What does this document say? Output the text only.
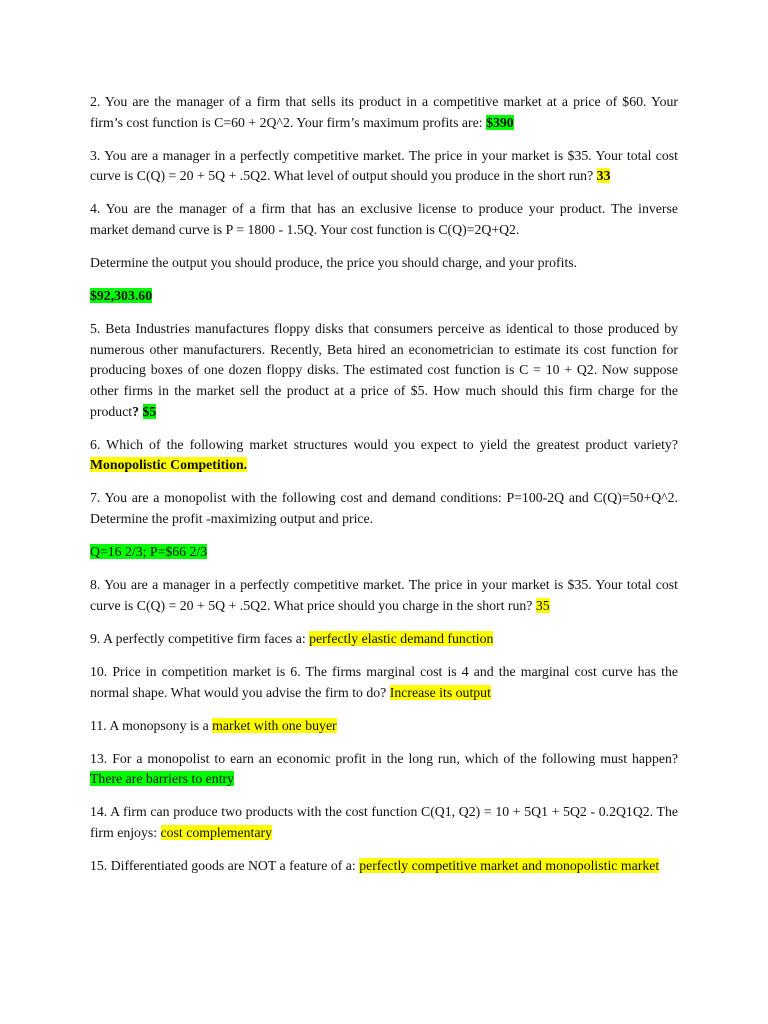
2. You are the manager of a firm that sells its product in a competitive market at a price of $60. Your firm’s cost function is C=60 + 2Q^2. Your firm’s maximum profits are: $390

3. You are a manager in a perfectly competitive market. The price in your market is $35. Your total cost curve is C(Q) = 20 + 5Q + .5Q2. What level of output should you produce in the short run? 33

4. You are the manager of a firm that has an exclusive license to produce your product. The inverse market demand curve is P = 1800 - 1.5Q. Your cost function is C(Q)=2Q+Q2.

Determine the output you should produce, the price you should charge, and your profits.

$92,303.60

5. Beta Industries manufactures floppy disks that consumers perceive as identical to those produced by numerous other manufacturers. Recently, Beta hired an econometrician to estimate its cost function for producing boxes of one dozen floppy disks. The estimated cost function is C = 10 + Q2. Now suppose other firms in the market sell the product at a price of $5. How much should this firm charge for the product? $5

6. Which of the following market structures would you expect to yield the greatest product variety? Monopolistic Competition.

7. You are a monopolist with the following cost and demand conditions: P=100-2Q and C(Q)=50+Q^2. Determine the profit -maximizing output and price.

Q=16 2/3; P=$66 2/3

8. You are a manager in a perfectly competitive market. The price in your market is $35. Your total cost curve is C(Q) = 20 + 5Q + .5Q2. What price should you charge in the short run? 35

9. A perfectly competitive firm faces a: perfectly elastic demand function

10. Price in competition market is 6. The firms marginal cost is 4 and the marginal cost curve has the normal shape. What would you advise the firm to do? Increase its output

11. A monopsony is a market with one buyer

13. For a monopolist to earn an economic profit in the long run, which of the following must happen? There are barriers to entry

14. A firm can produce two products with the cost function C(Q1, Q2) = 10 + 5Q1 + 5Q2 - 0.2Q1Q2. The firm enjoys: cost complementary

15. Differentiated goods are NOT a feature of a: perfectly competitive market and monopolistic market
